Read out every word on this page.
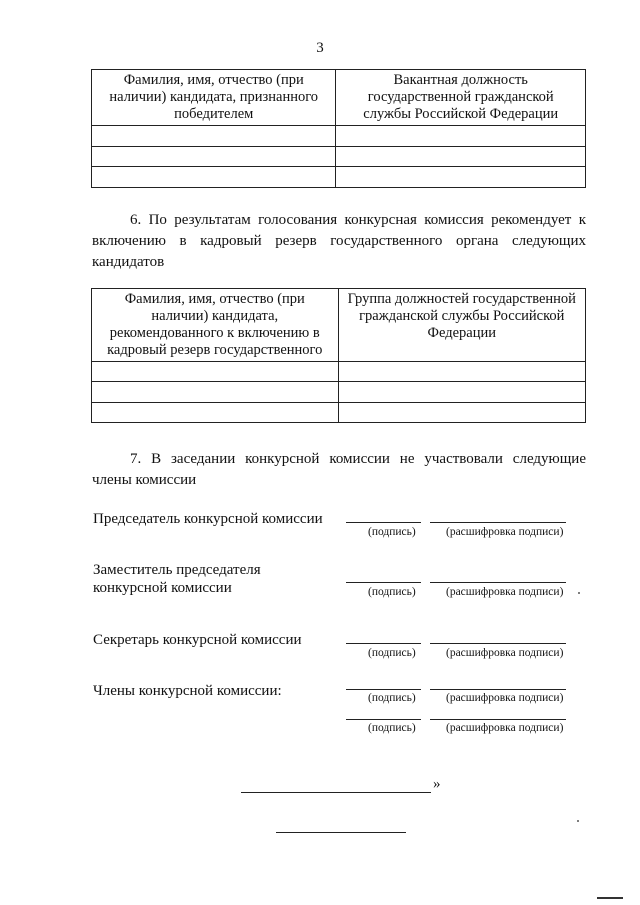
3
Фамилия, имя, отчество (при наличии) кандидата, признанного победителем	Вакантная должность государственной гражданской службы Российской Федерации

6. По результатам голосования конкурсная комиссия рекомендует к включению в кадровый резерв государственного органа следующих кандидатов
Фамилия, имя, отчество (при наличии) кандидата, рекомендованного к включению в кадровый резерв государственного	Группа должностей государственной гражданской службы Российской Федерации

7. В заседании конкурсной комиссии не участвовали следующие члены комиссии
Председатель конкурсной комиссии
(подпись)	(расшифровка подписи)
Заместитель председателя конкурсной комиссии	(подпись)	(расшифровка подписи)
Секретарь конкурсной комиссии
(подпись)	(расшифровка подписи)
Члены конкурсной комиссии:	(подпись)	(расшифровка подписи)
(подпись)	(расшифровка подписи)
»
